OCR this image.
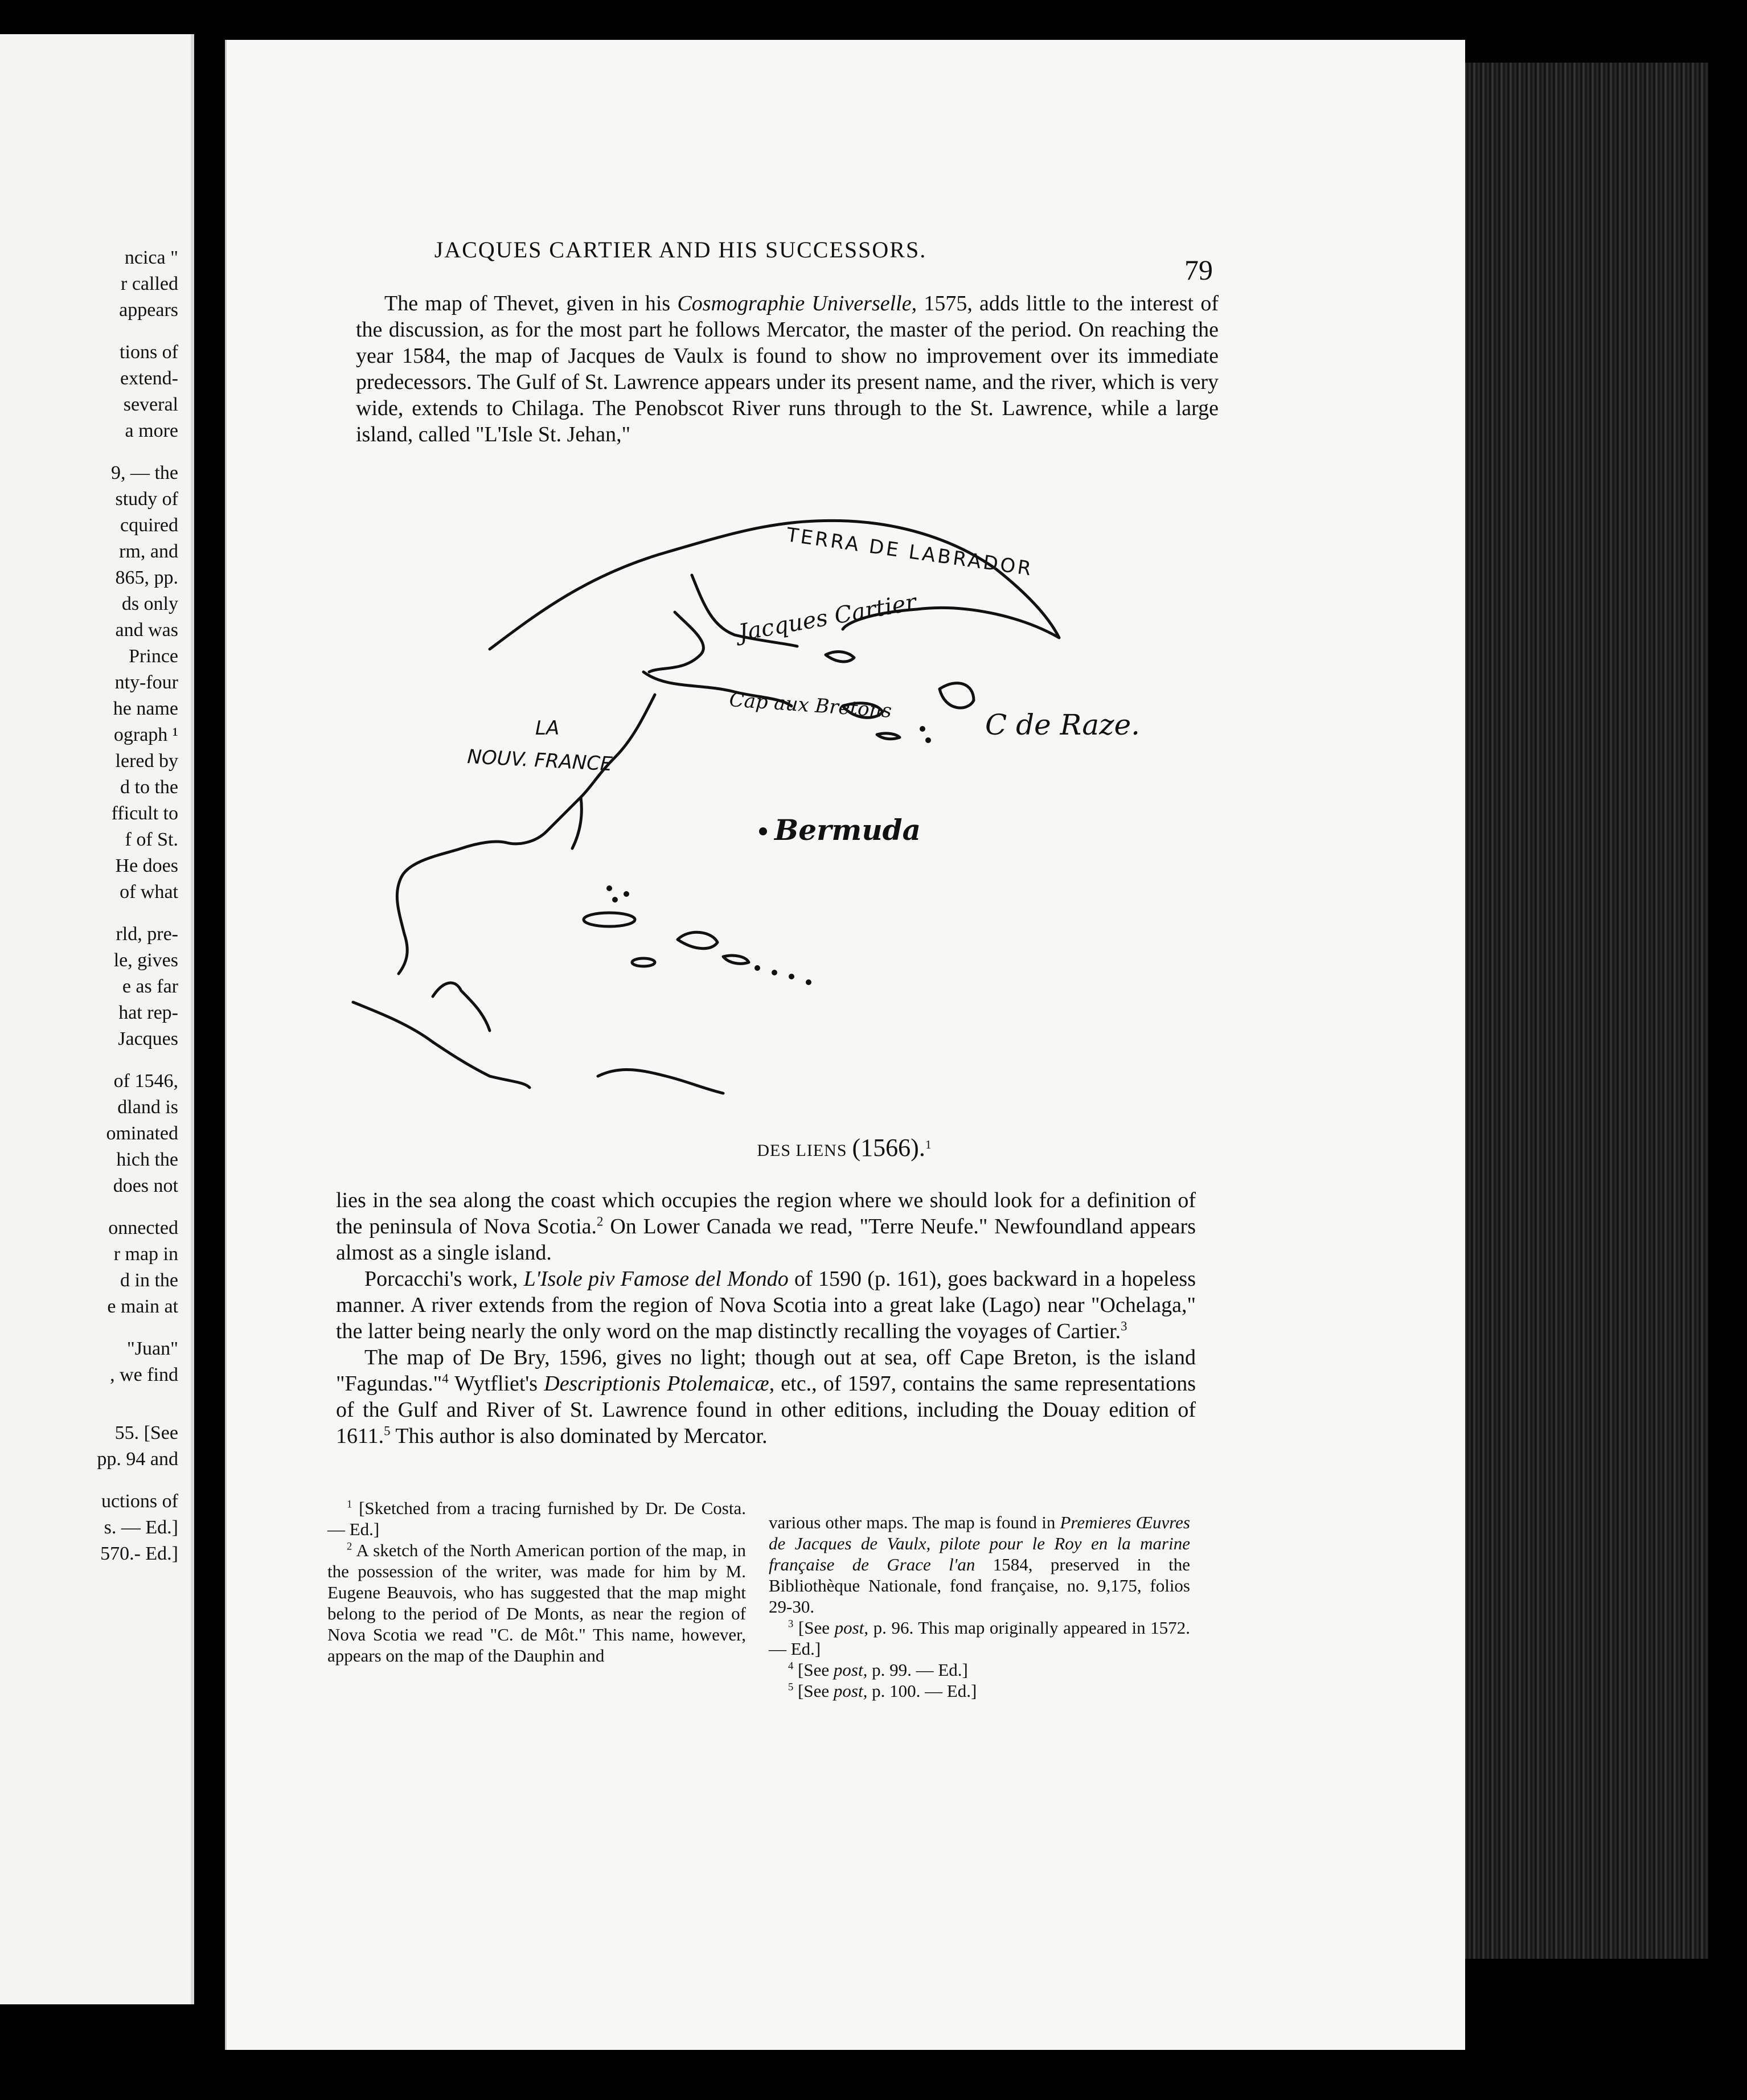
ncica "
r called
appears
tions of
extend-
several
a more
9, — the
study of
cquired
rm, and
865, pp.
ds only
and was
Prince
nty-four
he name
ograph ¹
lered by
d to the
fficult to
f of St.
He does
of what
rld, pre-
le, gives
e as far
hat rep-
Jacques
of 1546,
dland is
ominated
hich the
does not
onnected
r map in
d in the
e main at
"Juan"
, we find
55. [See
pp. 94 and
uctions of
s. — Ed.]
570.- Ed.]
JACQUES CARTIER AND HIS SUCCESSORS.
79

The map of Thevet, given in his Cosmographie Universelle, 1575, adds little to the interest of the discussion, as for the most part he follows Mercator, the master of the period. On reaching the year 1584, the map of Jacques de Vaulx is found to show no improvement over its immediate predecessors. The Gulf of St. Lawrence appears under its present name, and the river, which is very wide, extends to Chilaga. The Penobscot River runs through to the St. Lawrence, while a large island, called "L'Isle St. Jehan,"

TERRA DE LABRADOR
Jacques Cartier
Cap aux Bretons
LA
NOUV. FRANCE
C de Raze.
Bermuda
DES LIENS (1566).$^1$

lies in the sea along the coast which occupies the region where we should look for a definition of the peninsula of Nova Scotia.$^2$ On Lower Canada we read, "Terre Neufe." Newfoundland appears almost as a single island.

Porcacchi's work, L'Isole piv Famose del Mondo of 1590 (p. 161), goes backward in a hopeless manner. A river extends from the region of Nova Scotia into a great lake (Lago) near "Ochelaga," the latter being nearly the only word on the map distinctly recalling the voyages of Cartier.$^3$

The map of De Bry, 1596, gives no light; though out at sea, off Cape Breton, is the island "Fagundas."$^4$ Wytfliet's Descriptionis Ptolemaicæ, etc., of 1597, contains the same representations of the Gulf and River of St. Lawrence found in other editions, including the Douay edition of 1611.$^5$ This author is also dominated by Mercator.

$^1$ [Sketched from a tracing furnished by Dr. De Costa. — Ed.]

$^2$ A sketch of the North American portion of the map, in the possession of the writer, was made for him by M. Eugene Beauvois, who has suggested that the map might belong to the period of De Monts, as near the region of Nova Scotia we read "C. de Môt." This name, however, appears on the map of the Dauphin and

various other maps. The map is found in Premieres Œuvres de Jacques de Vaulx, pilote pour le Roy en la marine française de Grace l'an 1584, preserved in the Bibliothèque Nationale, fond française, no. 9,175, folios 29-30.

$^3$ [See post, p. 96. This map originally appeared in 1572. — Ed.]

$^4$ [See post, p. 99. — Ed.]

$^5$ [See post, p. 100. — Ed.]
